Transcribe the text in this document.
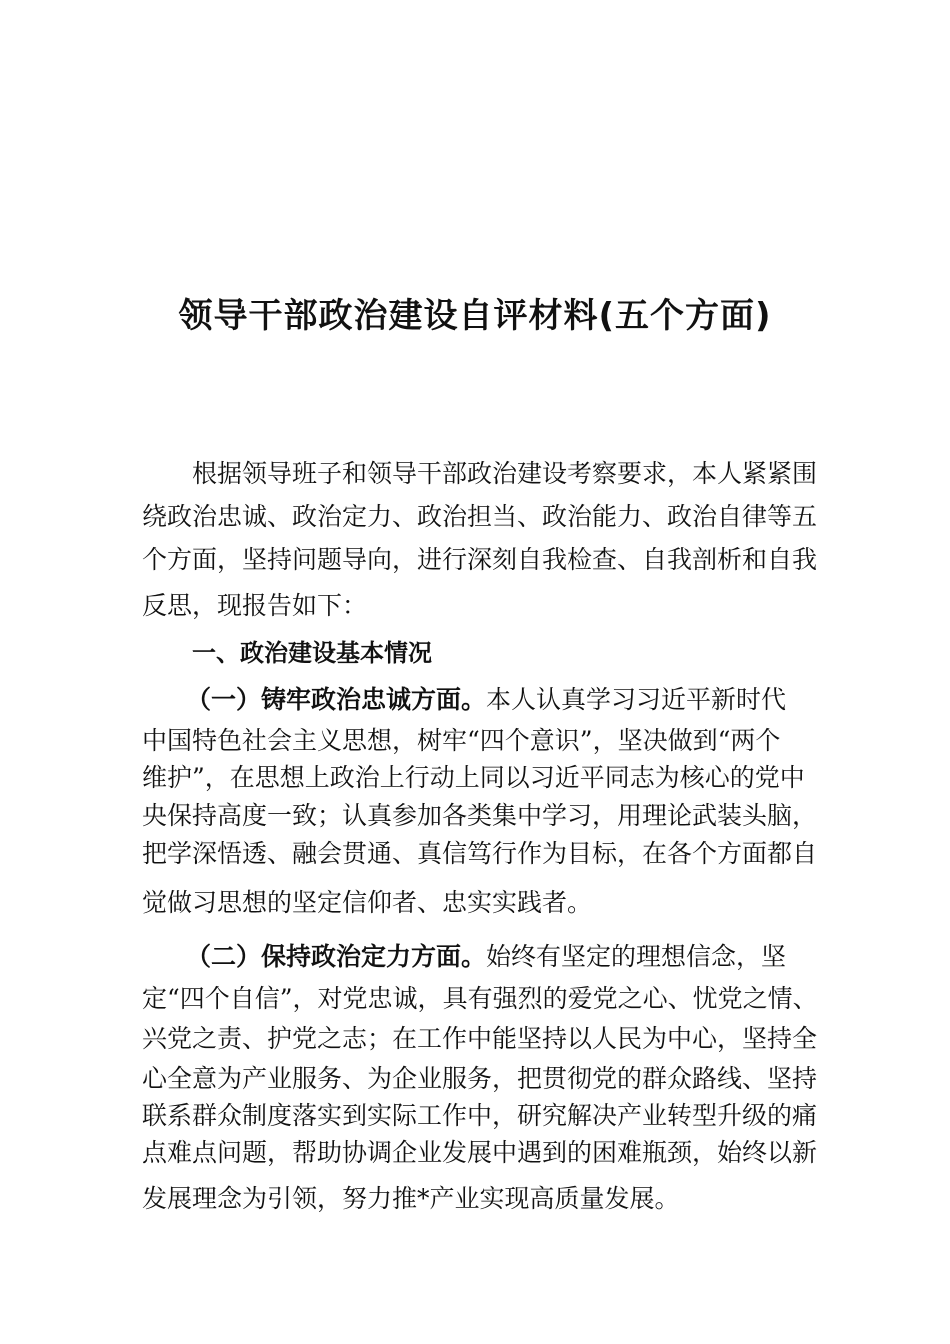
领导干部政治建设自评材料(五个方面)

根据领导班子和领导干部政治建设考察要求，本人紧紧围

绕政治忠诚、政治定力、政治担当、政治能力、政治自律等五

个方面，坚持问题导向，进行深刻自我检查、自我剖析和自我

反思，现报告如下：

一、政治建设基本情况

（一）铸牢政治忠诚方面。本人认真学习习近平新时代

中国特色社会主义思想，树牢“四个意识”，坚决做到“两个

维护”，在思想上政治上行动上同以习近平同志为核心的党中

央保持高度一致；认真参加各类集中学习，用理论武装头脑，

把学深悟透、融会贯通、真信笃行作为目标，在各个方面都自

觉做习思想的坚定信仰者、忠实实践者。

（二）保持政治定力方面。始终有坚定的理想信念，坚

定“四个自信”，对党忠诚，具有强烈的爱党之心、忧党之情、

兴党之责、护党之志；在工作中能坚持以人民为中心，坚持全

心全意为产业服务、为企业服务，把贯彻党的群众路线、坚持

联系群众制度落实到实际工作中，研究解决产业转型升级的痛

点难点问题，帮助协调企业发展中遇到的困难瓶颈，始终以新

发展理念为引领，努力推*产业实现高质量发展。
